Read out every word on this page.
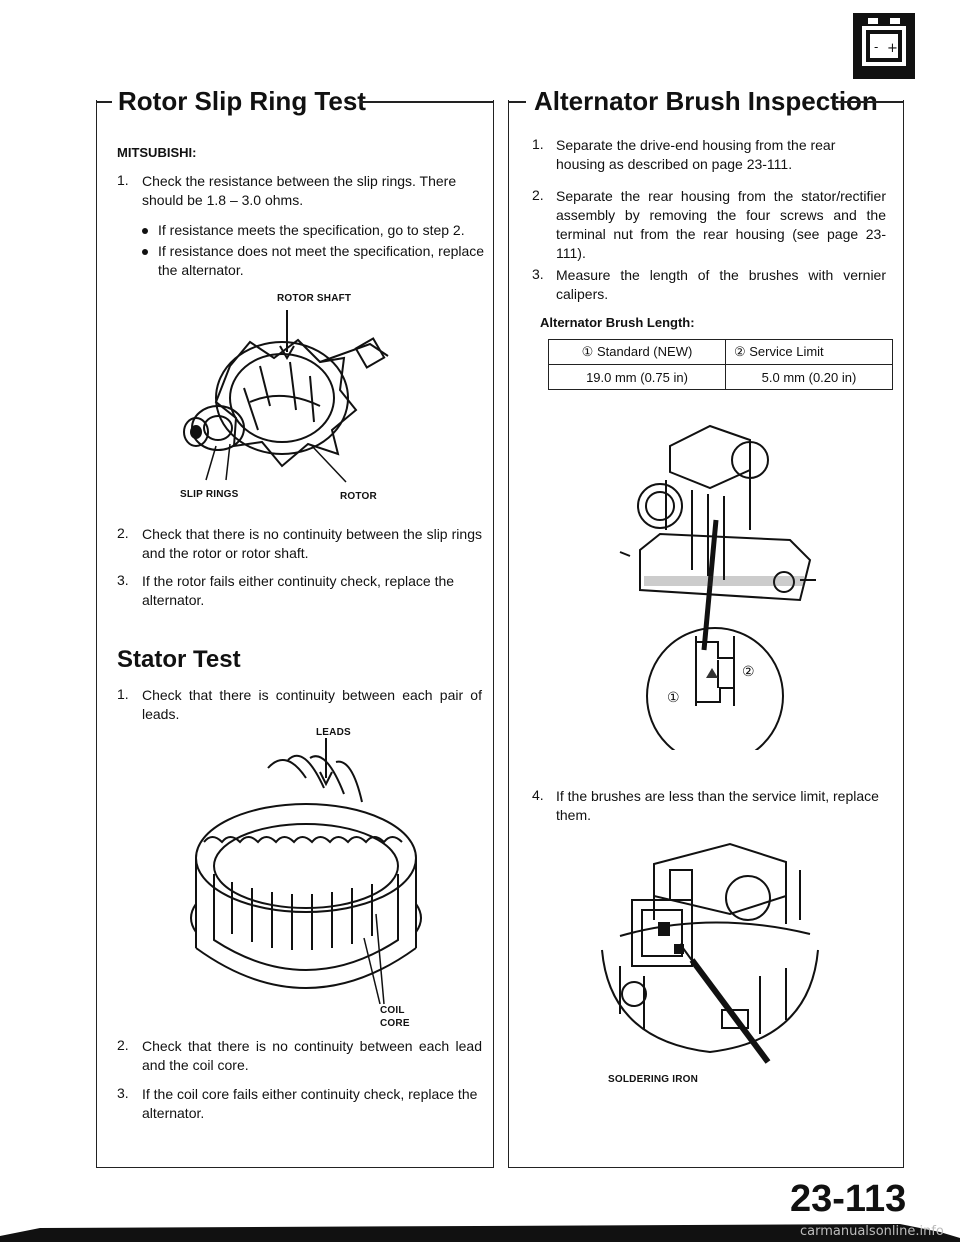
- +
Rotor Slip Ring Test	Alternator Brush Inspection
MITSUBISHI:
1. Check the resistance between the slip rings. There should be 1.8 – 3.0 ohms.
If resistance meets the specification, go to step 2.
If resistance does not meet the specification, replace the alternator.
ROTOR SHAFT
SLIP RINGS	ROTOR
2. Check that there is no continuity between the slip rings and the rotor or rotor shaft.
3. If the rotor fails either continuity check, replace the alternator.
Stator Test
1. Check that there is continuity between each pair of leads.
LEADS
COIL
CORE
2. Check that there is no continuity between each lead and the coil core.
3. If the coil core fails either continuity check, replace the alternator.
1. Separate the drive-end housing from the rear housing as described on page 23-111.
2. Separate the rear housing from the stator/rectifier assembly by removing the four screws and the terminal nut from the rear housing (see page 23-111).
3. Measure the length of the brushes with vernier calipers.
Alternator Brush Length:
① Standard (NEW)	② Service Limit
19.0 mm (0.75 in)	5.0 mm (0.20 in)
①
②
4. If the brushes are less than the service limit, replace them.
SOLDERING IRON
23-113
carmanualsonline.info
